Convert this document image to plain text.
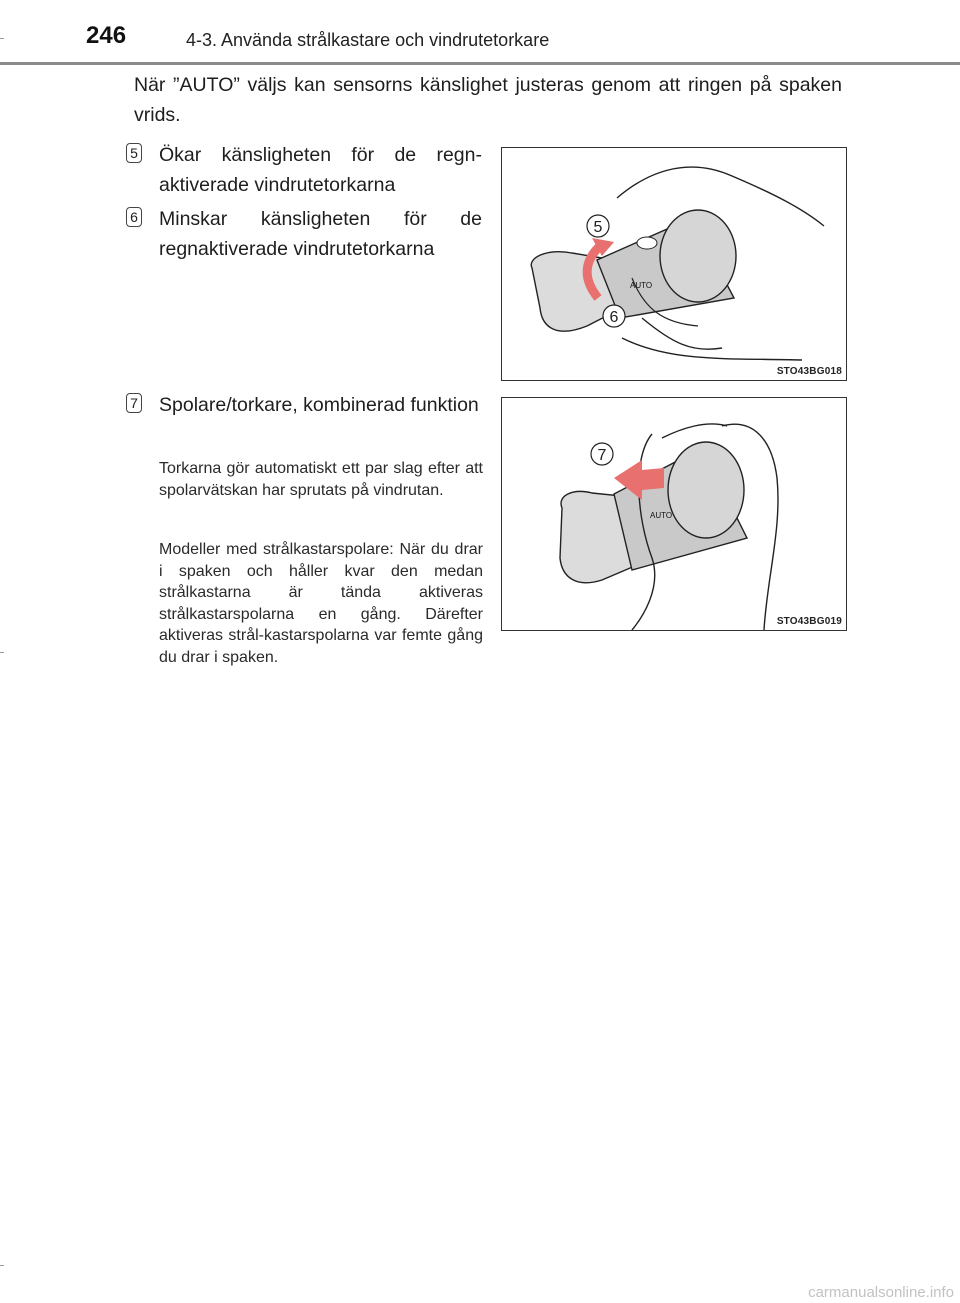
246	4-3. Använda strålkastare och vindrutetorkare

När ”AUTO” väljs kan sensorns känslighet justeras genom att ringen på spaken vrids.

5 Ökar känsligheten för de regn-aktiverade vindrutetorkarna
6 Minskar känsligheten för de regnaktiverade vindrutetorkarna
7 Spolare/torkare, kombinerad funktion

Torkarna gör automatiskt ett par slag efter att spolarvätskan har sprutats på vindrutan.

Modeller med strålkastarspolare: När du drar i spaken och håller kvar den medan strålkastarna är tända aktiveras strålkastarspolarna en gång. Därefter aktiveras strål-kastarspolarna var femte gång du drar i spaken.

AUTO
5
6
STO43BG018
AUTO
7
STO43BG019
carmanualsonline.info
